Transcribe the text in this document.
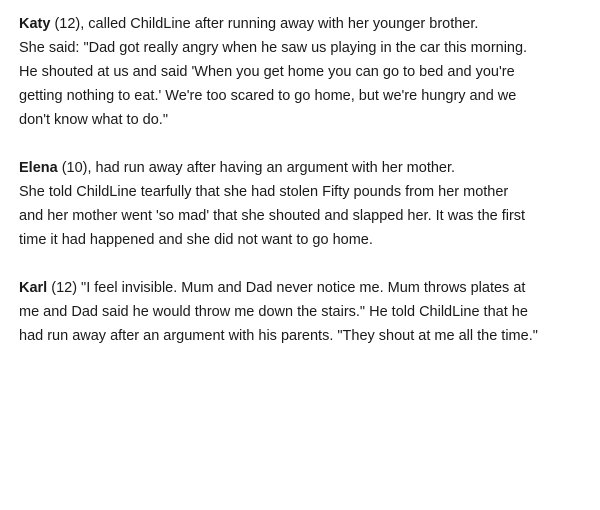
Katy (12), called ChildLine after running away with her younger brother.
She said: "Dad got really angry when he saw us playing in the car this morning.
He shouted at us and said 'When you get home you can go to bed and you're
getting nothing to eat.' We're too scared to go home, but we're hungry and we
don't know what to do."
Elena (10), had run away after having an argument with her mother.
She told ChildLine tearfully that she had stolen Fifty pounds from her mother
and her mother went 'so mad' that she shouted and slapped her. It was the first
time it had happened and she did not want to go home.
Karl (12) "I feel invisible. Mum and Dad never notice me. Mum throws plates at
me and Dad said he would throw me down the stairs." He told ChildLine that he
had run away after an argument with his parents. "They shout at me all the time."
